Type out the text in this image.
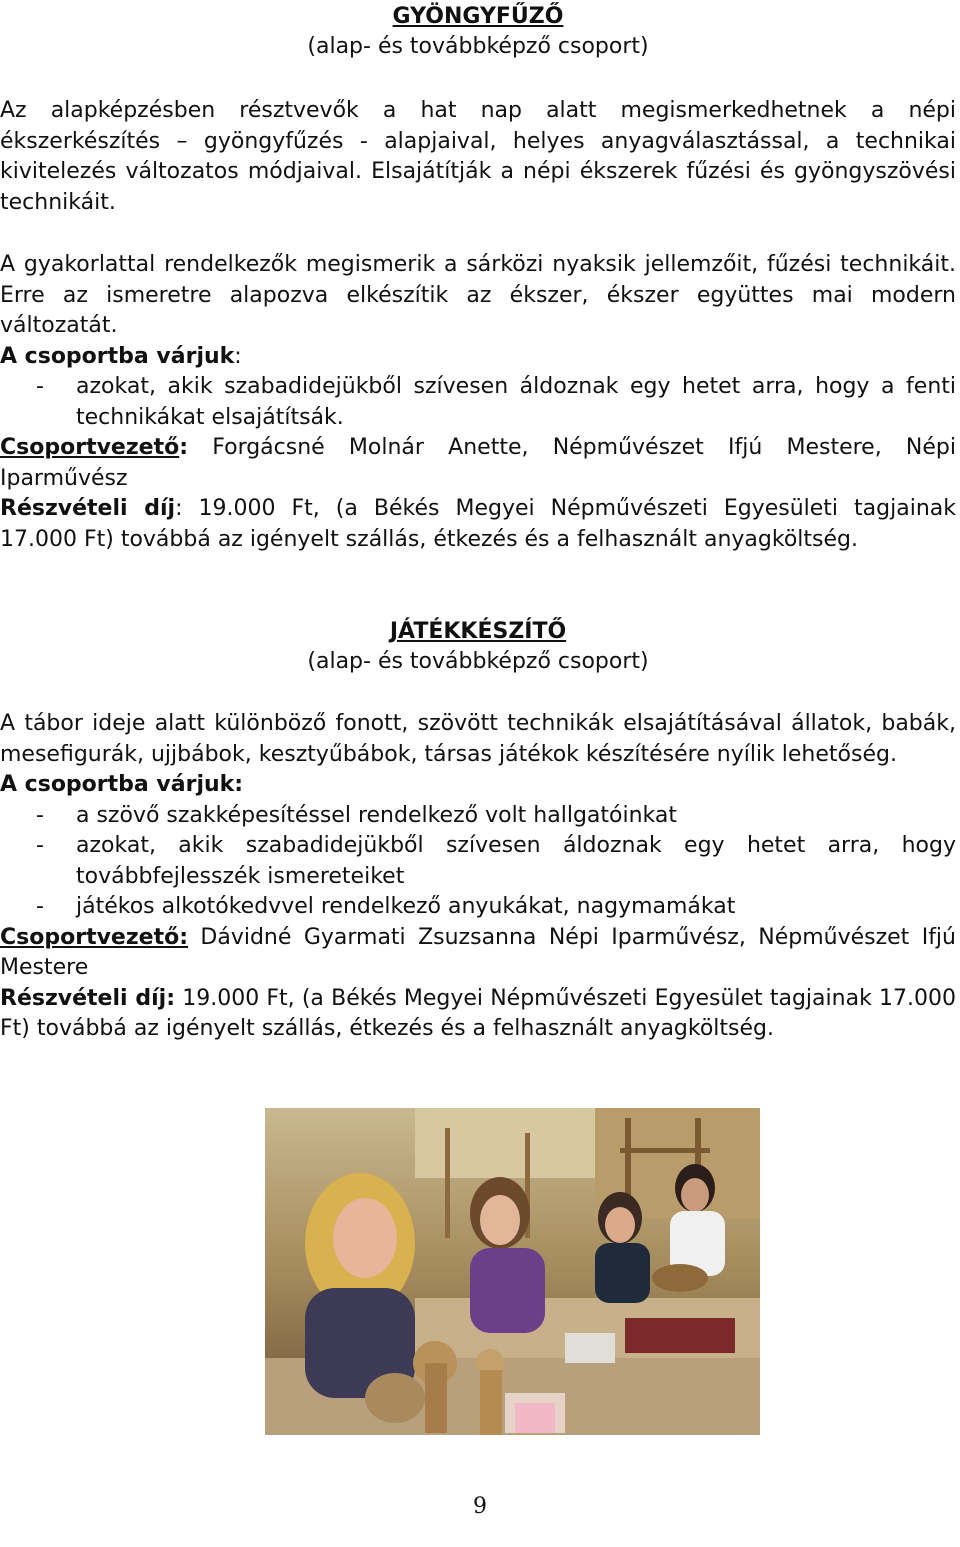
GYÖNGYFŰZŐ
(alap- és továbbképző csoport)

Az alapképzésben résztvevők a hat nap alatt megismerkedhetnek a népi ékszerkészítés – gyöngyfűzés - alapjaival, helyes anyagválasztással, a technikai kivitelezés változatos módjaival. Elsajátítják a népi ékszerek fűzési és gyöngyszövési technikáit.

A gyakorlattal rendelkezők megismerik a sárközi nyaksik jellemzőit, fűzési technikáit. Erre az ismeretre alapozva elkészítik az ékszer, ékszer együttes mai modern változatát.

A csoportba várjuk:

- azokat, akik szabadidejükből szívesen áldoznak egy hetet arra, hogy a fenti technikákat elsajátítsák.

Csoportvezető: Forgácsné Molnár Anette, Népművészet Ifjú Mestere, Népi Iparművész

Részvételi díj: 19.000 Ft, (a Békés Megyei Népművészeti Egyesületi tagjainak 17.000 Ft) továbbá az igényelt szállás, étkezés és a felhasznált anyagköltség.

JÁTÉKKÉSZÍTŐ
(alap- és továbbképző csoport)

A tábor ideje alatt különböző fonott, szövött technikák elsajátításával állatok, babák, mesefigurák, ujjbábok, kesztyűbábok, társas játékok készítésére nyílik lehetőség.

A csoportba várjuk:

- a szövő szakképesítéssel rendelkező volt hallgatóinkat
- azokat, akik szabadidejükből szívesen áldoznak egy hetet arra, hogy továbbfejlesszék ismereteiket
- játékos alkotókedvvel rendelkező anyukákat, nagymamákat

Csoportvezető: Dávidné Gyarmati Zsuzsanna Népi Iparművész, Népművészet Ifjú Mestere

Részvételi díj: 19.000 Ft, (a Békés Megyei Népművészeti Egyesület tagjainak 17.000 Ft) továbbá az igényelt szállás, étkezés és a felhasznált anyagköltség.

9
